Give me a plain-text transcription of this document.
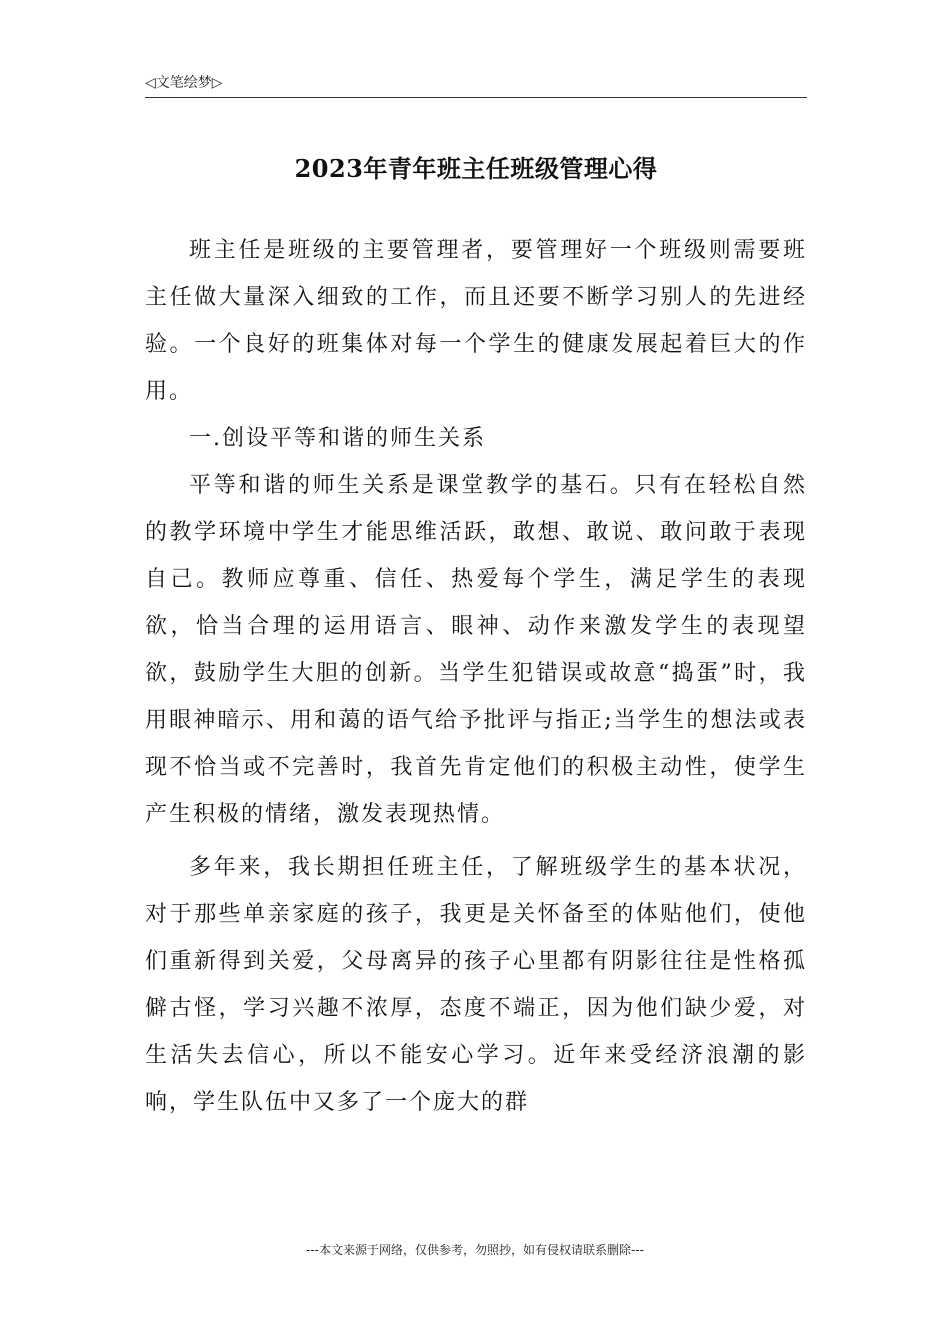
◁文笔绘梦▷
2023年青年班主任班级管理心得

班主任是班级的主要管理者，要管理好一个班级则需要班主任做大量深入细致的工作，而且还要不断学习别人的先进经验。一个良好的班集体对每一个学生的健康发展起着巨大的作用。

一.创设平等和谐的师生关系

平等和谐的师生关系是课堂教学的基石。只有在轻松自然的教学环境中学生才能思维活跃，敢想、敢说、敢问敢于表现自己。教师应尊重、信任、热爱每个学生，满足学生的表现欲，恰当合理的运用语言、眼神、动作来激发学生的表现望欲，鼓励学生大胆的创新。当学生犯错误或故意“捣蛋”时，我用眼神暗示、用和蔼的语气给予批评与指正;当学生的想法或表现不恰当或不完善时，我首先肯定他们的积极主动性，使学生产生积极的情绪，激发表现热情。

多年来，我长期担任班主任，了解班级学生的基本状况，对于那些单亲家庭的孩子，我更是关怀备至的体贴他们，使他们重新得到关爱，父母离异的孩子心里都有阴影往往是性格孤僻古怪，学习兴趣不浓厚，态度不端正，因为他们缺少爱，对生活失去信心，所以不能安心学习。近年来受经济浪潮的影响，学生队伍中又多了一个庞大的群

---本文来源于网络，仅供参考，勿照抄，如有侵权请联系删除---
